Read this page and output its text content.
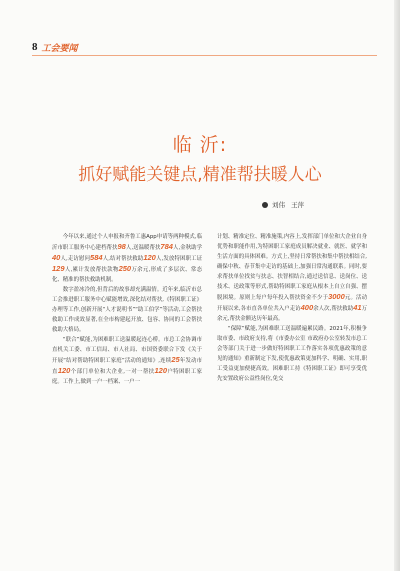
8 工会要闻
临 沂:
抓好赋能关键点,精准帮扶暖人心
刘伟 王萍

今年以来,通过个人申报和齐鲁工惠App申请等两种模式,临沂市职工服务中心建档帮扶98人,送温暖帮扶784人,金秋助学40人,走访慰问584人,结对帮扶救助120人,发放特困职工证129人,累计发放帮扶款物250万余元,形成了多层次、常态化、精准的帮扶救助机制。

数字盈冰冷的,但背后的故事却充满温情。近年来,临沂市总工会推进职工服务中心赋能增效,深化结对帮扶,《特困职工证》办理等工作,创新开展“人才说明书”“助工伯学”等活动,工会帮扶救助工作成效显著,在全市构建起开放、包容、协同的工会帮扶救助大格局。

“联合”赋能,为困难职工送温暖起连心桥。市总工会协调市直机关工委、市工信局、市人社局、市国资委联合下发《关于开展“结对帮助特困职工家庭”活动的通知》,连续25年发动市直120个部门单位和大企业,一对一帮扶120户特困职工家庭。工作上,做到一户一档案、一户一

计划、精准定位、精准施策,内容上,发挥部门单位和大企业自身优势和职能作用,为特困职工家庭成员解决就业、就医、就学和生活方面的具体困难。方式上,坚持日常帮扶和集中帮扶相结合,确保中秋、春节集中走访的基础上,加强日常沟通联系。同时,要求帮扶单位找贫与扶志、扶智相结合,通过送信息、送岗位、送技术、送政策等形式,帮助特困职工家庭从根本上自立自强、摆脱困境。原则上每户每年投入帮扶资金不少于3000元。活动开展以来,各市直各单位共入户走访400余人次,帮扶救助41万余元,帮扶金额达历年最高。

“保障”赋能,为困难职工送温暖遍累民路。2021年,积极争取市委、市政府支持,将《市委办公室 市政府办公室转发市总工会等部门关于进一步做好特困职工工作落实各项优惠政策的意见的通知》重新制定下发,使优惠政策更加科学、明确、实用,职工受益更加便捷高效。困难职工持《特困职工证》即可享受优先安置政府公益性岗位,免交
